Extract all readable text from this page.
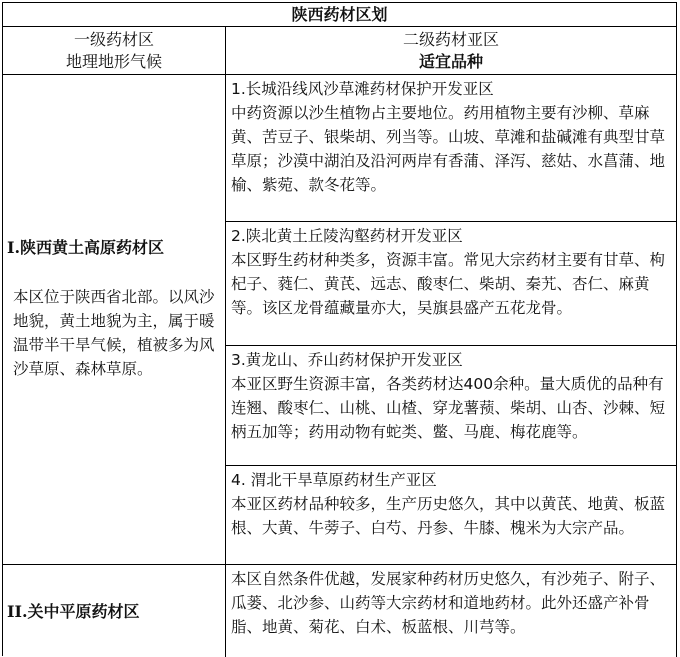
陕西药材区划
一级药材区
地理地形气候
二级药材亚区
适宜品种
I.陕西黄土高原药材区
本区位于陕西省北部。以风沙地貌，黄土地貌为主，属于暖温带半干旱气候，植被多为风沙草原、森林草原。
II.关中平原药材区
1.长城沿线风沙草滩药材保护开发亚区
中药资源以沙生植物占主要地位。药用植物主要有沙柳、草麻黄、苦豆子、银柴胡、列当等。山坡、草滩和盐碱滩有典型甘草草原；沙漠中湖泊及沿河两岸有香蒲、泽泻、慈姑、水菖蒲、地榆、紫菀、款冬花等。
2.陕北黄土丘陵沟壑药材开发亚区
本区野生药材种类多，资源丰富。常见大宗药材主要有甘草、枸杞子、蕤仁、黄芪、远志、酸枣仁、柴胡、秦艽、杏仁、麻黄等。该区龙骨蕴藏量亦大，吴旗县盛产五花龙骨。
3.黄龙山、乔山药材保护开发亚区
本亚区野生资源丰富，各类药材达400余种。量大质优的品种有连翘、酸枣仁、山桃、山楂、穿龙薯蓣、柴胡、山杏、沙棘、短柄五加等；药用动物有蛇类、鳖、马鹿、梅花鹿等。
4. 渭北干旱草原药材生产亚区
本亚区药材品种较多，生产历史悠久，其中以黄芪、地黄、板蓝根、大黄、牛蒡子、白芍、丹参、牛膝、槐米为大宗产品。

本区自然条件优越，发展家种药材历史悠久，有沙苑子、附子、瓜蒌、北沙参、山药等大宗药材和道地药材。此外还盛产补骨脂、地黄、菊花、白术、板蓝根、川芎等。
